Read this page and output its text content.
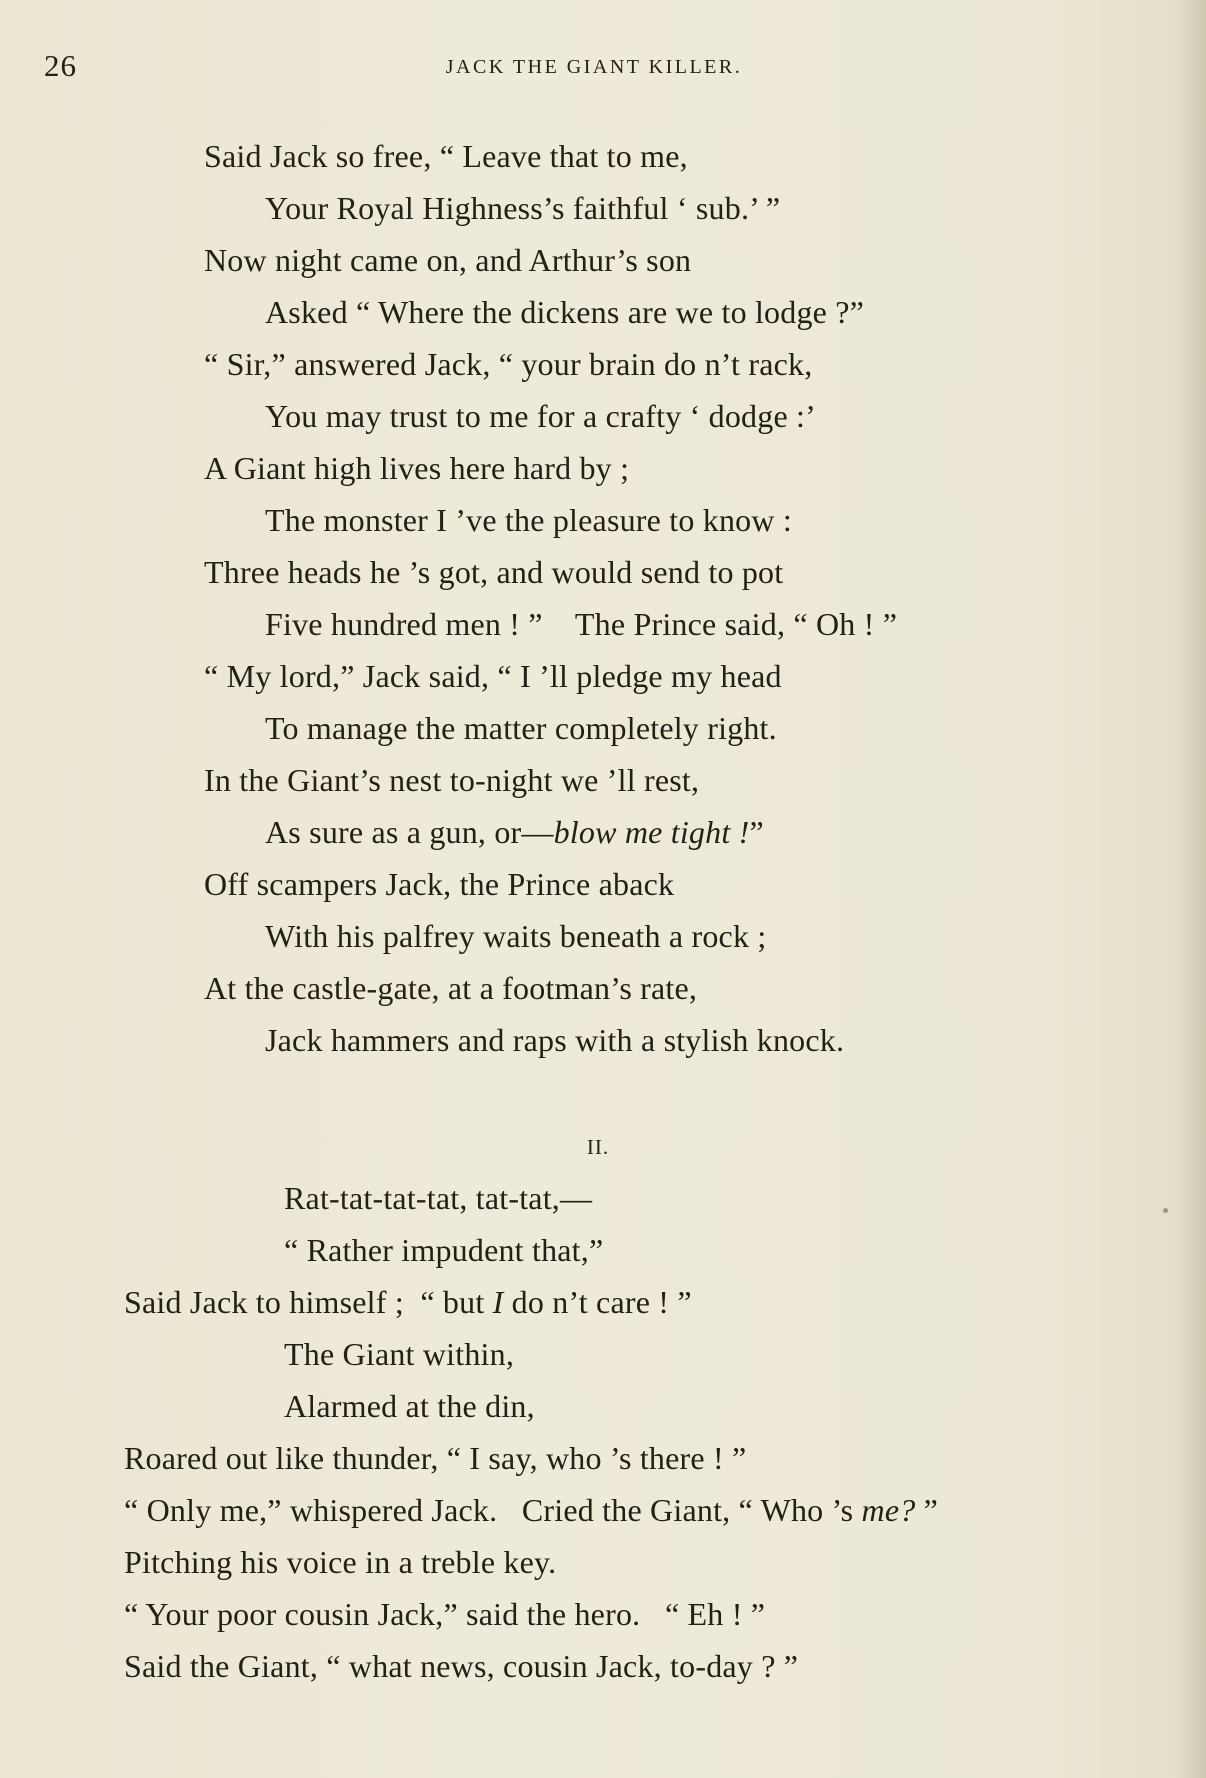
26	JACK THE GIANT KILLER.
Said Jack so free, “ Leave that to me,
Your Royal Highness’s faithful ‘ sub.’ ”
Now night came on, and Arthur’s son
Asked “ Where the dickens are we to lodge ?”
“ Sir,” answered Jack, “ your brain do n’t rack,
You may trust to me for a crafty ‘ dodge :’
A Giant high lives here hard by ;
The monster I ’ve the pleasure to know :
Three heads he ’s got, and would send to pot
Five hundred men ! ”    The Prince said, “ Oh ! ”
“ My lord,” Jack said, “ I ’ll pledge my head
To manage the matter completely right.
In the Giant’s nest to-night we ’ll rest,
As sure as a gun, or—blow me tight !”
Off scampers Jack, the Prince aback
With his palfrey waits beneath a rock ;
At the castle-gate, at a footman’s rate,
Jack hammers and raps with a stylish knock.
II.
Rat-tat-tat-tat, tat-tat,—
“ Rather impudent that,”
Said Jack to himself ;  “ but I do n’t care ! ”
The Giant within,
Alarmed at the din,
Roared out like thunder, “ I say, who ’s there ! ”
“ Only me,” whispered Jack.   Cried the Giant, “ Who ’s me? ”
Pitching his voice in a treble key.
“ Your poor cousin Jack,” said the hero.   “ Eh ! ”
Said the Giant, “ what news, cousin Jack, to-day ? ”
